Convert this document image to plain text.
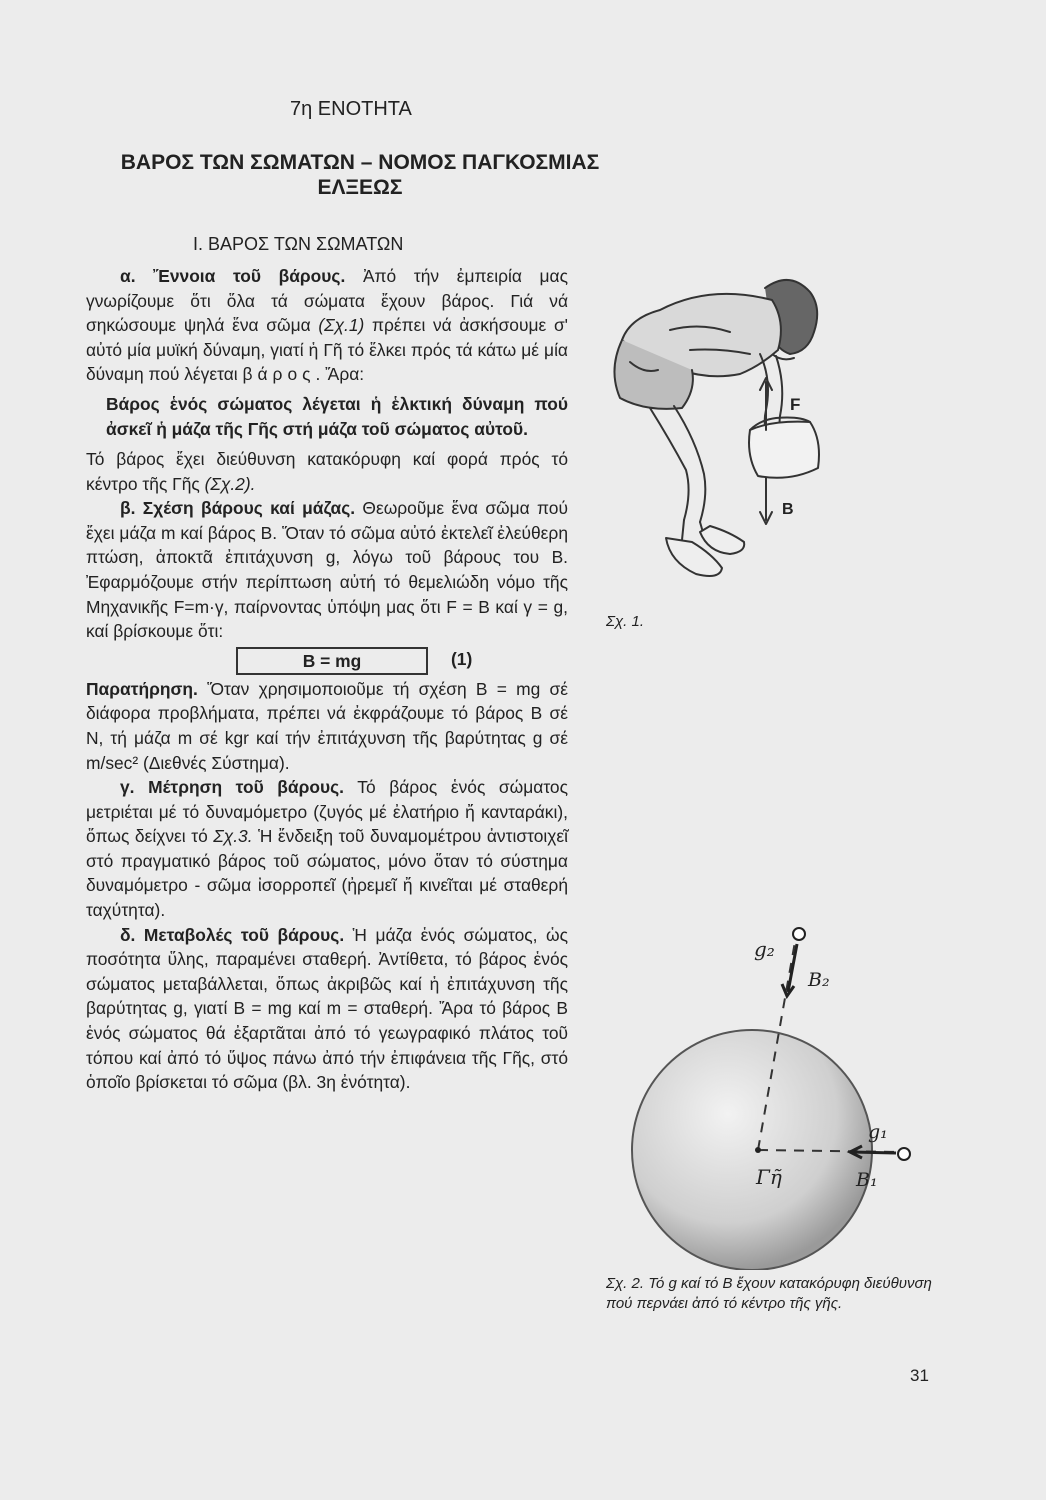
7η ΕΝΟΤΗΤΑ
ΒΑΡΟΣ ΤΩΝ ΣΩΜΑΤΩΝ – ΝΟΜΟΣ ΠΑΓΚΟΣΜΙΑΣ ΕΛΞΕΩΣ
Ι. ΒΑΡΟΣ ΤΩΝ ΣΩΜΑΤΩΝ

α. Ἔννοια τοῦ βάρους. Ἀπό τήν ἐμπειρία μας γνωρίζουμε ὅτι ὅλα τά σώματα ἔχουν βάρος. Γιά νά σηκώσουμε ψηλά ἕνα σῶμα (Σχ.1) πρέπει νά ἀσκήσουμε σ' αὐτό μία μυϊκή δύναμη, γιατί ἡ Γῆ τό ἕλκει πρός τά κάτω μέ μία δύναμη πού λέγεται βάρος. Ἄρα:

Βάρος ἑνός σώματος λέγεται ἡ ἑλκτική δύναμη πού ἀσκεῖ ἡ μάζα τῆς Γῆς στή μάζα τοῦ σώματος αὐτοῦ.

Τό βάρος ἔχει διεύθυνση κατακόρυφη καί φορά πρός τό κέντρο τῆς Γῆς (Σχ.2).

β. Σχέση βάρους καί μάζας. Θεωροῦμε ἕνα σῶμα πού ἔχει μάζα m καί βάρος Β. Ὅταν τό σῶμα αὐτό ἐκτελεῖ ἐλεύθερη πτώση, ἀποκτᾶ ἐπιτάχυνση g, λόγω τοῦ βάρους του Β. Ἐφαρμόζουμε στήν περίπτωση αὐτή τό θεμελιώδη νόμο τῆς Μηχανικῆς F=m·γ, παίρνοντας ὑπόψη μας ὅτι F = Β καί γ = g, καί βρίσκουμε ὅτι:

Β = mg	(1)

Παρατήρηση. Ὅταν χρησιμοποιοῦμε τή σχέση Β = mg σέ διάφορα προβλήματα, πρέπει νά ἐκφράζουμε τό βάρος Β σέ Ν, τή μάζα m σέ kgr καί τήν ἐπιτάχυνση τῆς βαρύτητας g σέ m/sec² (Διεθνές Σύστημα).

γ. Μέτρηση τοῦ βάρους. Τό βάρος ἑνός σώματος μετριέται μέ τό δυναμόμετρο (ζυγός μέ ἐλατήριο ἤ κανταράκι), ὅπως δείχνει τό Σχ.3. Ἡ ἔνδειξη τοῦ δυναμομέτρου ἀντιστοιχεῖ στό πραγματικό βάρος τοῦ σώματος, μόνο ὅταν τό σύστημα δυναμόμετρο - σῶμα ἰσορροπεῖ (ἠρεμεῖ ἤ κινεῖται μέ σταθερή ταχύτητα).

δ. Μεταβολές τοῦ βάρους. Ἡ μάζα ἑνός σώματος, ὡς ποσότητα ὕλης, παραμένει σταθερή. Ἀντίθετα, τό βάρος ἑνός σώματος μεταβάλλεται, ὅπως ἀκριβῶς καί ἡ ἐπιτάχυνση τῆς βαρύτητας g, γιατί Β = mg καί m = σταθερή. Ἄρα τό βάρος Β ἑνός σώματος θά ἐξαρτᾶται ἀπό τό γεωγραφικό πλάτος τοῦ τόπου καί ἀπό τό ὕψος πάνω ἀπό τήν ἐπιφάνεια τῆς Γῆς, στό ὁποῖο βρίσκεται τό σῶμα (βλ. 3η ἐνότητα).

F
Β
Σχ. 1.
g₂
Β₂
g₁
Β₁
Γῆ
Σχ. 2. Τό g καί τό Β ἔχουν κατακόρυφη διεύθυνση πού περνάει ἀπό τό κέντρο τῆς γῆς.
31
